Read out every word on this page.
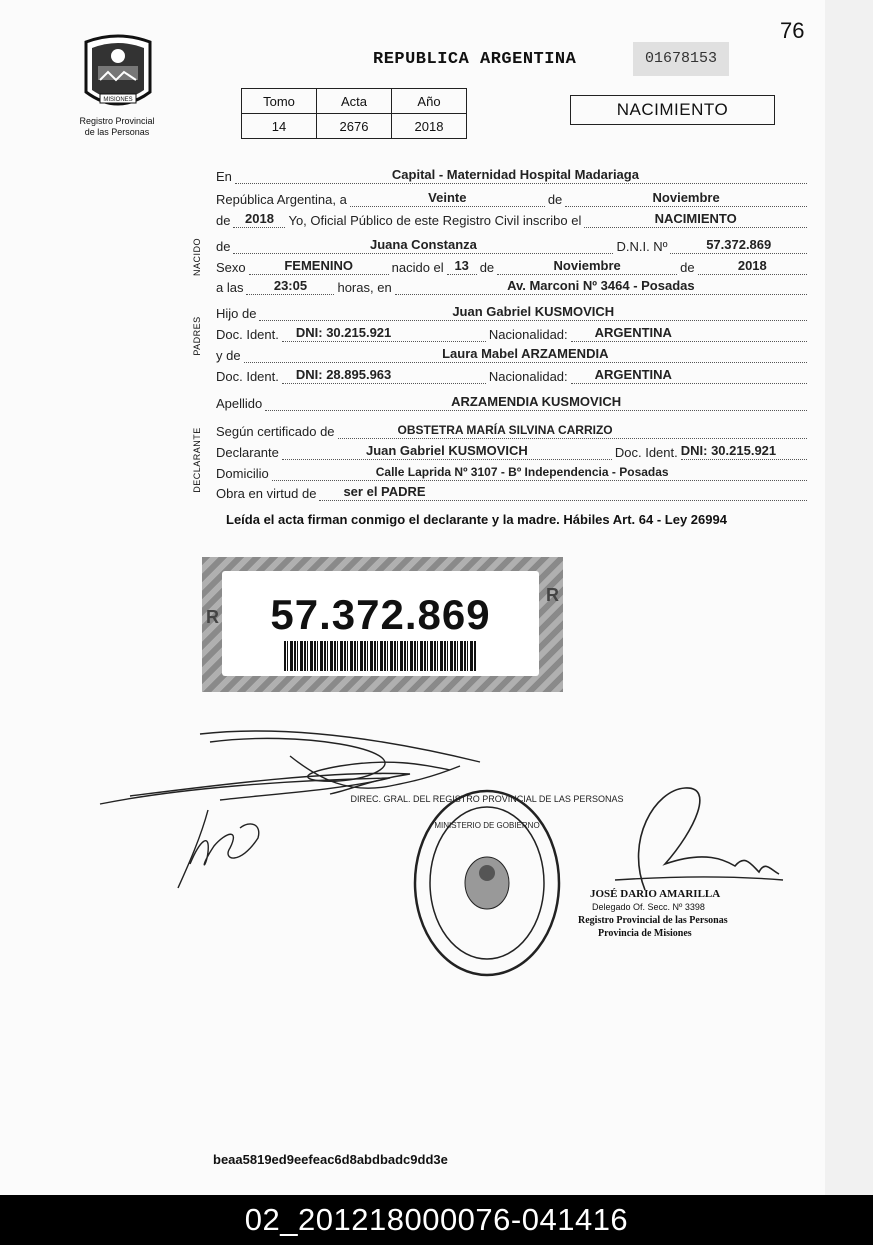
76
MISIONES
Registro Provincial
de las Personas
REPUBLICA ARGENTINA	01678153
Tomo	Acta	Año
14	2676	2018
NACIMIENTO
NACIDO
PADRES
DECLARANTE
En	Capital - Maternidad Hospital Madariaga
República Argentina, a	Veinte	de	Noviembre
de	2018	Yo, Oficial Público de este Registro Civil inscribo el	NACIMIENTO
de	Juana Constanza	D.N.I. Nº	57.372.869
Sexo	FEMENINO	nacido el 13 de	Noviembre	de	2018
a las	23:05	horas, en	Av. Marconi Nº 3464 - Posadas
Hijo de	Juan Gabriel KUSMOVICH
Doc. Ident. DNI: 30.215.921	Nacionalidad: ARGENTINA
y de	Laura Mabel ARZAMENDIA
Doc. Ident. DNI: 28.895.963	Nacionalidad: ARGENTINA
Apellido	ARZAMENDIA KUSMOVICH
Según certificado de	OBSTETRA MARÍA SILVINA CARRIZO
Declarante	Juan Gabriel KUSMOVICH	Doc. Ident. DNI: 30.215.921
Domicilio	Calle Laprida Nº 3107 - Bº Independencia - Posadas
Obra en virtud de ser el PADRE
Leída el acta firman conmigo el declarante y la madre. Hábiles Art. 64 - Ley 26994
57.372.869
R
R
DIREC. GRAL. DEL REGISTRO PROVINCIAL DE LAS PERSONAS
MINISTERIO DE GOBIERNO
JOSÉ DARIO AMARILLA
Delegado Of. Secc. Nº 3398
Registro Provincial de las Personas
Provincia de Misiones
beaa5819ed9eefeac6d8abdbadc9dd3e
02_201218000076-041416
